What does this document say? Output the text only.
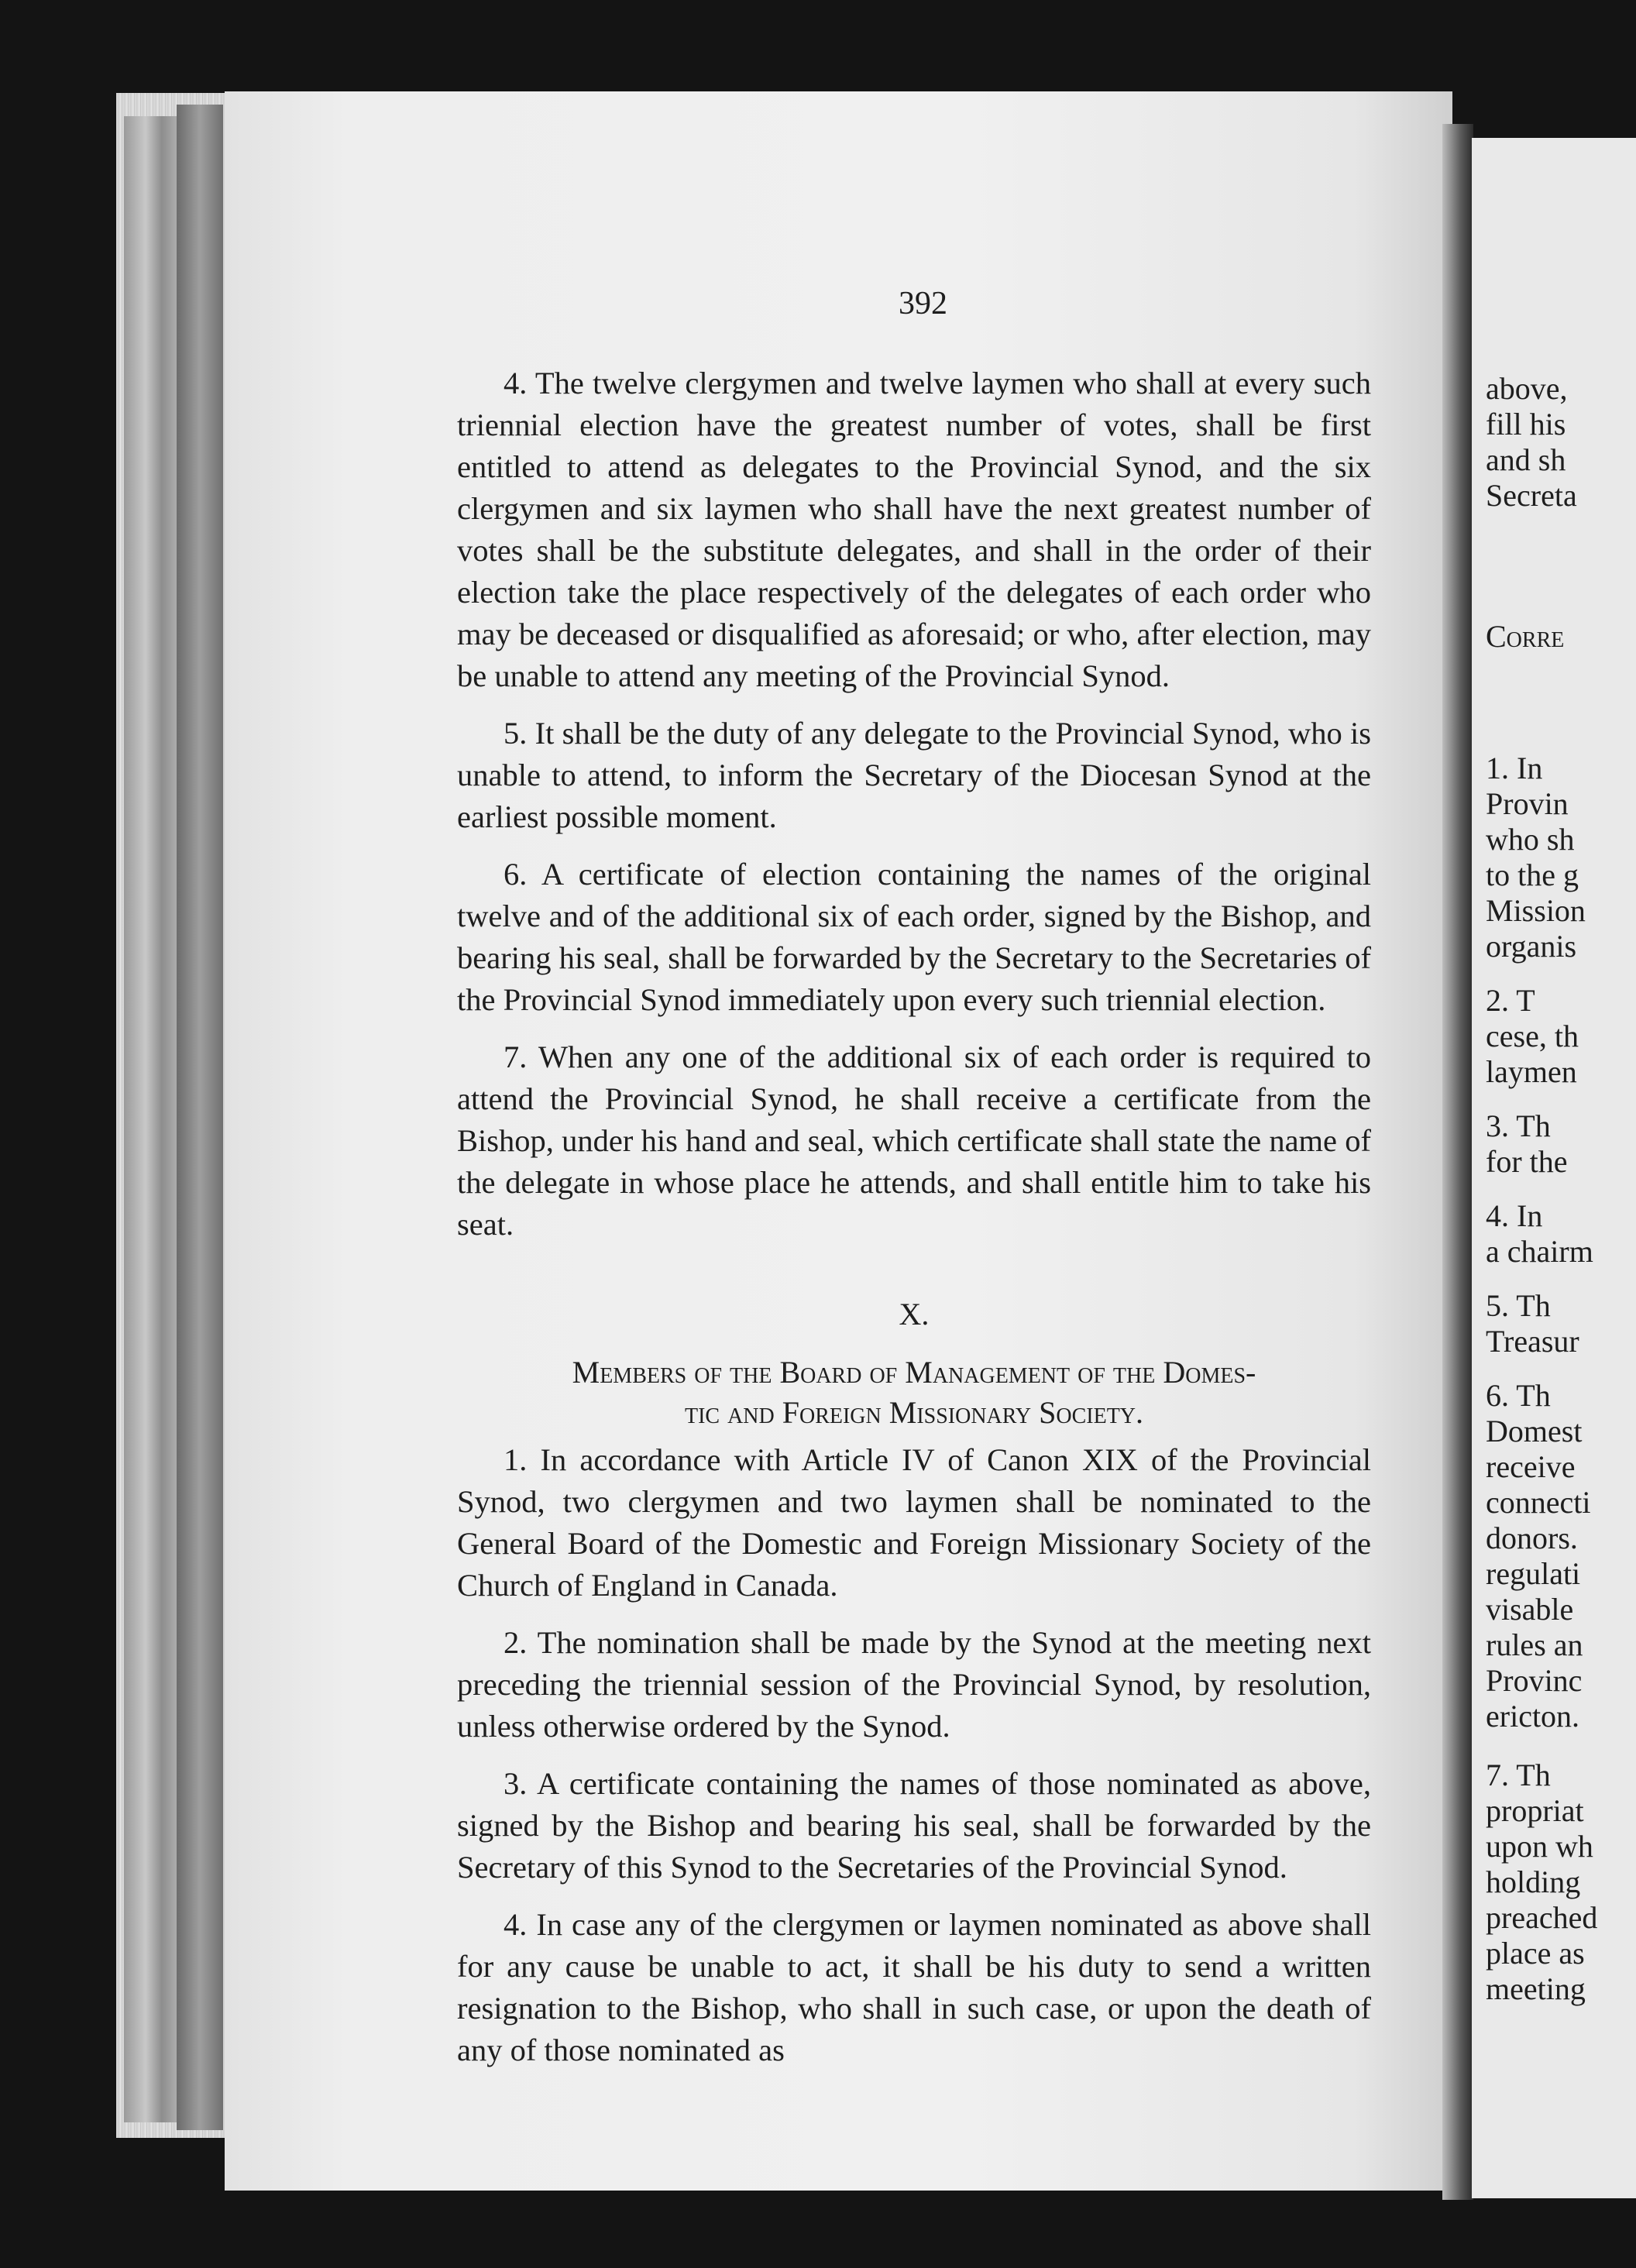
above,
fill his
and sh
Secreta
Corre
1. In
Provin
who sh
to the g
Mission
organis
2. T
cese, th
laymen
3. Th
for the
4. In
a chairm
5. Th
Treasur
6. Th
Domest
receive
connecti
donors.
regulati
visable
rules an
Provinc
ericton.
7. Th
propriat
upon wh
holding
preached
place as
meeting
392

4. The twelve clergymen and twelve laymen who shall at every such triennial election have the greatest number of votes, shall be first entitled to attend as delegates to the Provincial Synod, and the six clergymen and six laymen who shall have the next greatest number of votes shall be the substitute delegates, and shall in the order of their election take the place respectively of the delegates of each order who may be deceased or disqualified as aforesaid; or who, after election, may be unable to attend any meeting of the Provincial Synod.

5. It shall be the duty of any delegate to the Provincial Synod, who is unable to attend, to inform the Secretary of the Diocesan Synod at the earliest possible moment.

6. A certificate of election containing the names of the original twelve and of the additional six of each order, signed by the Bishop, and bearing his seal, shall be forwarded by the Secretary to the Secretaries of the Provincial Synod immediately upon every such triennial election.

7. When any one of the additional six of each order is required to attend the Provincial Synod, he shall receive a certificate from the Bishop, under his hand and seal, which certificate shall state the name of the delegate in whose place he attends, and shall entitle him to take his seat.

X.

Members of the Board of Management of the Domes-

tic and Foreign Missionary Society.

1. In accordance with Article IV of Canon XIX of the Provincial Synod, two clergymen and two laymen shall be nominated to the General Board of the Domestic and Foreign Missionary Society of the Church of England in Canada.

2. The nomination shall be made by the Synod at the meeting next preceding the triennial session of the Provincial Synod, by resolution, unless otherwise ordered by the Synod.

3. A certificate containing the names of those nominated as above, signed by the Bishop and bearing his seal, shall be forwarded by the Secretary of this Synod to the Secretaries of the Provincial Synod.

4. In case any of the clergymen or laymen nominated as above shall for any cause be unable to act, it shall be his duty to send a written resignation to the Bishop, who shall in such case, or upon the death of any of those nominated as
